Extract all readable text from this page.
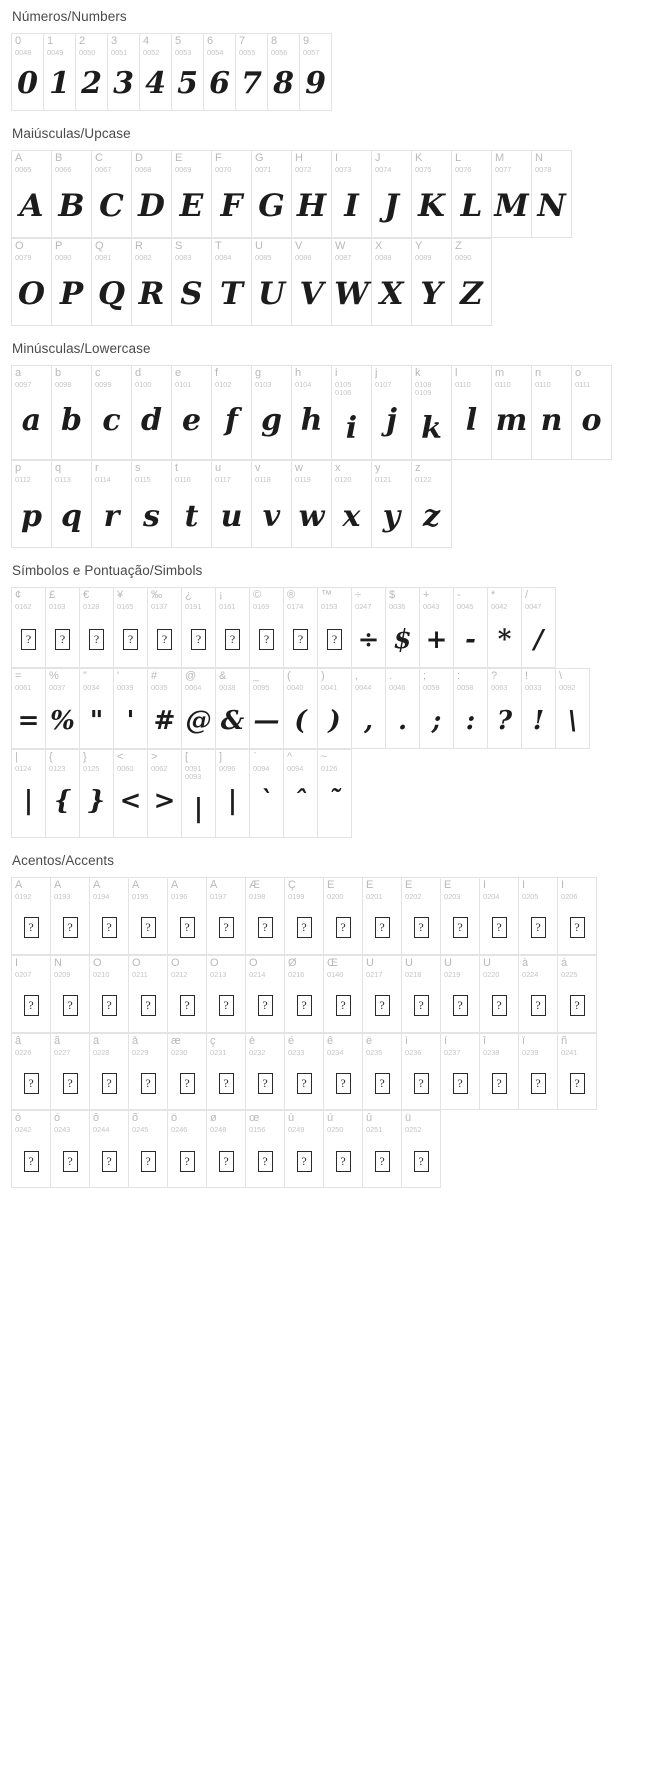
Números/Numbers
0
0048
0
1
0049
1
2
0050
2
3
0051
3
4
0052
4
5
0053
5
6
0054
6
7
0055
7
8
0056
8
9
0057
9
Maiúsculas/Upcase
A
0065
A
B
0066
B
C
0067
C
D
0068
D
E
0069
E
F
0070
F
G
0071
G
H
0072
H
I
0073
I
J
0074
J
K
0075
K
L
0076
L
M
0077
M
N
0078
N
O
0079
O
P
0080
P
Q
0081
Q
R
0082
R
S
0083
S
T
0084
T
U
0085
U
V
0086
V
W
0087
W
X
0088
X
Y
0089
Y
Z
0090
Z
Minúsculas/Lowercase
a
0097
a
b
0098
b
c
0099
c
d
0100
d
e
0101
e
f
0102
f
g
0103
g
h
0104
h
i
0105 0106
i
j
0107
j
k
0108 0109
k
l
0110
l
m
0110
m
n
0110
n
o
0111
o
p
0112
p
q
0113
q
r
0114
r
s
0115
s
t
0116
t
u
0117
u
v
0118
v
w
0119
w
x
0120
x
y
0121
y
z
0122
z
Símbolos e Pontuação/Simbols
¢
0162
?
£
0163
?
€
0128
?
¥
0165
?
‰
0137
?
¿
0191
?
¡
0161
?
©
0169
?
®
0174
?
™
0153
?
÷
0247
÷
$
0036
$
+
0043
+
-
0045
-
*
0042
*
/
0047
/
=
0061
=
%
0037
%
"
0034
"
'
0039
'
#
0035
#
@
0064
@
&
0038
&
_
0095
—
(
0040
(
)
0041
)
,
0044
,
.
0046
.
;
0059
;
:
0058
:
?
0063
?
!
0033
!
\
0092
\
|
0124
|
{
0123
{
}
0125
}
<
0060
<
>
0062
>
[
0091 0093
|
]
0096
|
`
0094
`
^
0094
ˆ
~
0126
˜
Acentos/Accents
À
0192
?
Á
0193
?
Â
0194
?
Ã
0195
?
Ä
0196
?
Å
0197
?
Æ
0198
?
Ç
0199
?
È
0200
?
É
0201
?
Ê
0202
?
Ë
0203
?
Ì
0204
?
Í
0205
?
Î
0206
?
Ï
0207
?
Ñ
0209
?
Ò
0210
?
Ó
0211
?
Ô
0212
?
Õ
0213
?
Ö
0214
?
Ø
0216
?
Œ
0140
?
Ù
0217
?
Ú
0218
?
Û
0219
?
Ü
0220
?
à
0224
?
á
0225
?
â
0226
?
ã
0227
?
ä
0228
?
å
0229
?
æ
0230
?
ç
0231
?
è
0232
?
é
0233
?
ê
0234
?
ë
0235
?
ì
0236
?
í
0237
?
î
0238
?
ï
0239
?
ñ
0241
?
ò
0242
?
ó
0243
?
ô
0244
?
õ
0245
?
ö
0246
?
ø
0248
?
œ
0156
?
ù
0249
?
ú
0250
?
û
0251
?
ü
0252
?
